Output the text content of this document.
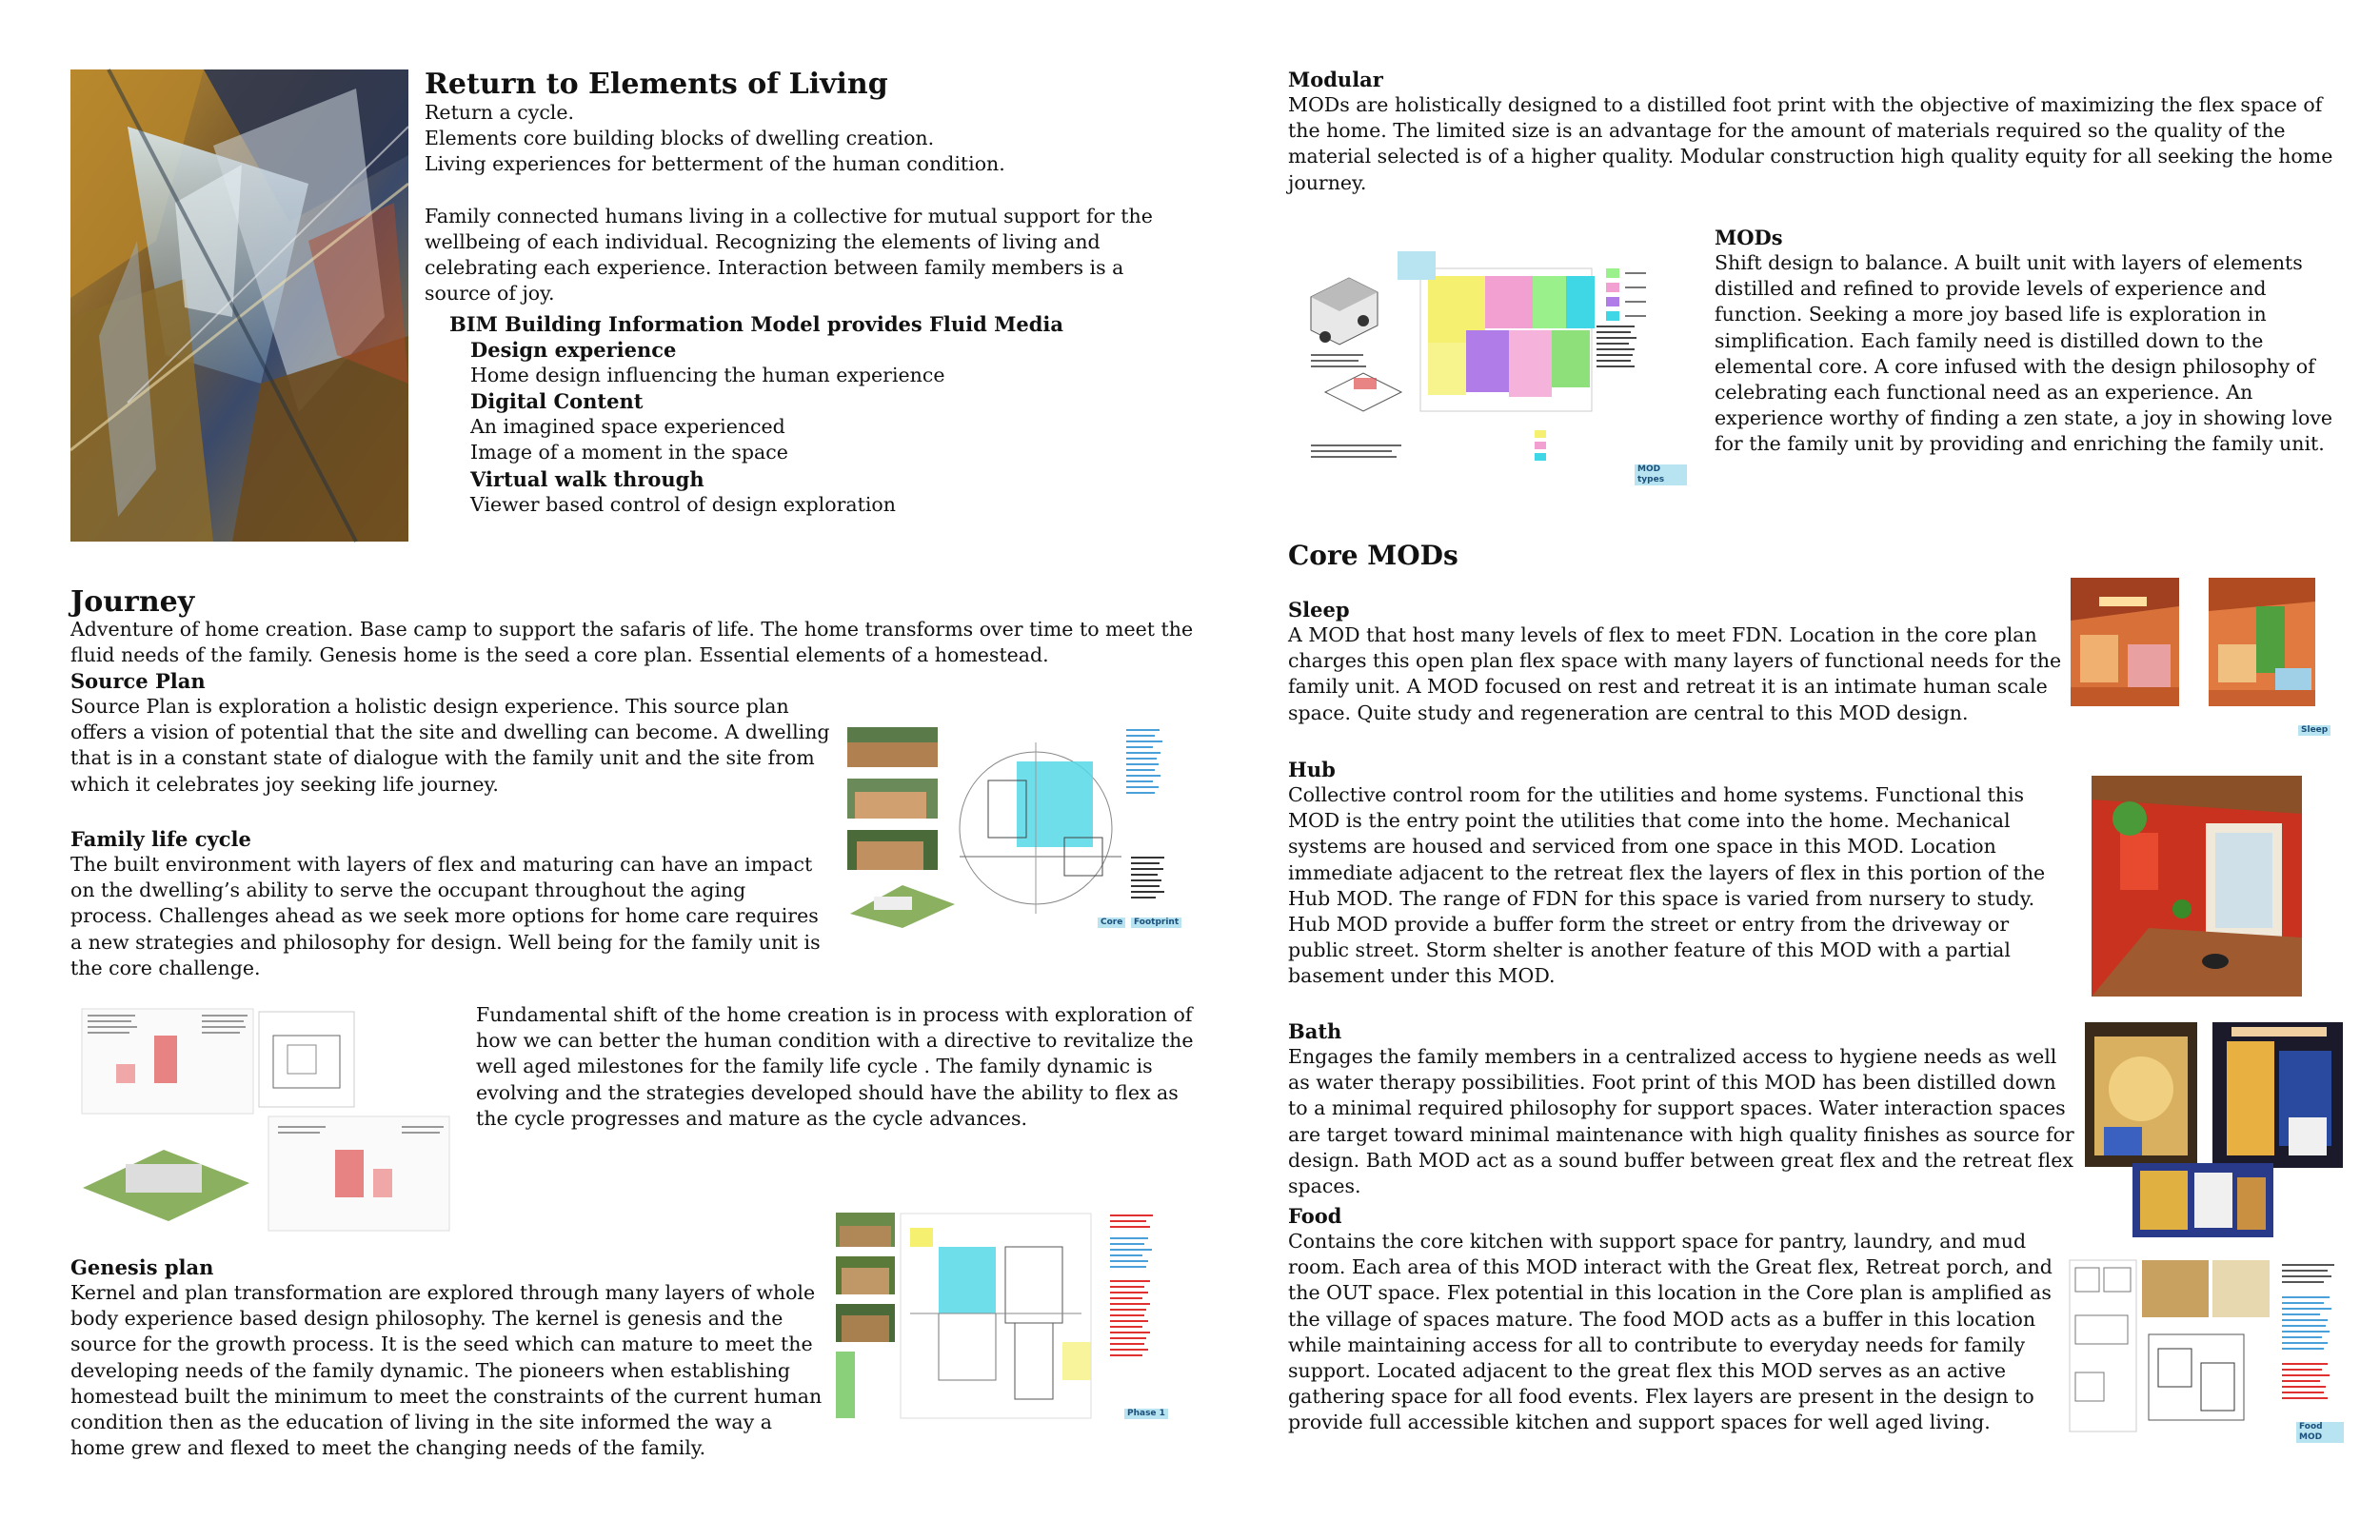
Return to Elements of Living

Return a cycle.

Elements core building blocks of dwelling creation.

Living experiences for betterment of the human condition.

Family connected humans living in a collective for mutual support for the wellbeing of each individual. Recognizing the elements of living and celebrating each experience. Interaction between family members is a source of joy.

BIM Building Information Model provides Fluid Media

Design experience

Home design influencing the human experience

Digital Content

An imagined space experienced

Image of a moment in the space

Virtual walk through

Viewer based control of design exploration

Journey
Adventure of home creation. Base camp to support the safaris of life. The home transforms over time to meet the fluid needs of the family. Genesis home is the seed a core plan. Essential elements of a homestead.

Source Plan

Source Plan is exploration a holistic design experience. This source plan offers a vision of potential that the site and dwelling can become. A dwelling that is in a constant state of dialogue with the family unit and the site from which it celebrates joy seeking life journey.

Family life cycle

The built environment with layers of flex and maturing can have an impact on the dwelling’s ability to serve the occupant throughout the aging process. Challenges ahead as we seek more options for home care requires a new strategies and philosophy for design. Well being for the family unit is the core challenge.

Core	Footprint
Fundamental shift of the home creation is in process with exploration of how we can better the human condition with a directive to revitalize the well aged milestones for the family life cycle . The family dynamic is evolving and the strategies developed should have the ability to flex as the cycle progresses and mature as the cycle advances.

Genesis plan

Kernel and plan transformation are explored through many layers of whole body experience based design philosophy. The kernel is genesis and the source for the growth process. It is the seed which can mature to meet the developing needs of the family dynamic. The pioneers when establishing homestead built the minimum to meet the constraints of the current human condition then as the education of living in the site informed the way a home grew and flexed to meet the changing needs of the family.

Phase 1

Modular

MODs are holistically designed to a distilled foot print with the objective of maximizing the flex space of the home. The limited size is an advantage for the amount of materials required so the quality of the material selected is of a higher quality. Modular construction high quality equity for all seeking the home journey.

MOD types

MODs

Shift design to balance. A built unit with layers of elements distilled and refined to provide levels of experience and function. Seeking a more joy based life is exploration in simplification. Each family need is distilled down to the elemental core. A core infused with the design philosophy of celebrating each functional need as an experience. An experience worthy of finding a zen state, a joy in showing love for the family unit by providing and enriching the family unit.

Core MODs

Sleep

A MOD that host many levels of flex to meet FDN. Location in the core plan charges this open plan flex space with many layers of functional needs for the family unit. A MOD focused on rest and retreat it is an intimate human scale space. Quite study and regeneration are central to this MOD design.

Sleep

Hub

Collective control room for the utilities and home systems. Functional this MOD is the entry point the utilities that come into the home. Mechanical systems are housed and serviced from one space in this MOD. Location immediate adjacent to the retreat flex the layers of flex in this portion of the Hub MOD. The range of FDN for this space is varied from nursery to study. Hub MOD provide a buffer form the street or entry from the driveway or public street. Storm shelter is another feature of this MOD with a partial basement under this MOD.

Bath

Engages the family members in a centralized access to hygiene needs as well as water therapy possibilities. Foot print of this MOD has been distilled down to a minimal required philosophy for support spaces. Water interaction spaces are target toward minimal maintenance with high quality finishes as source for design. Bath MOD act as a sound buffer between great flex and the retreat flex spaces.

Food

Contains the core kitchen with support space for pantry, laundry, and mud room. Each area of this MOD interact with the Great flex, Retreat porch, and the OUT space. Flex potential in this location in the Core plan is amplified as the village of spaces mature. The food MOD acts as a buffer in this location while maintaining access for all to contribute to everyday needs for family support. Located adjacent to the great flex this MOD serves as an active gathering space for all food events. Flex layers are present in the design to provide full accessible kitchen and support spaces for well aged living.	Food MOD
